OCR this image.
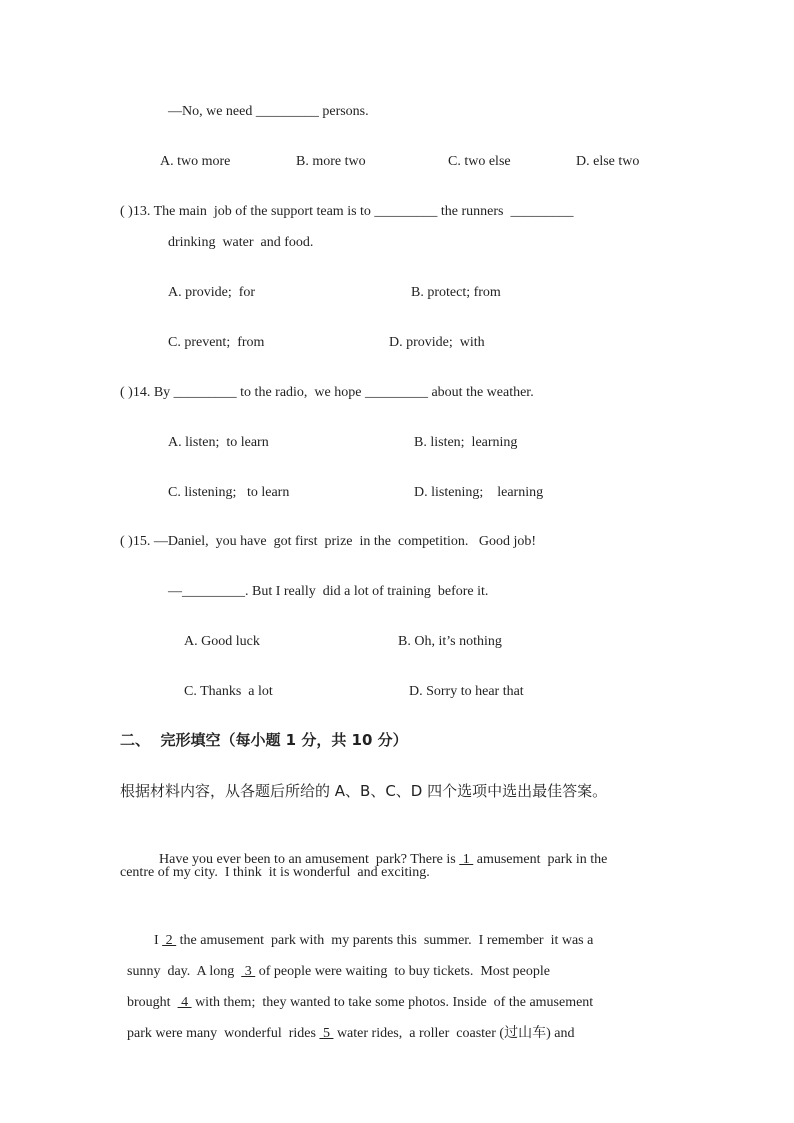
—No, we need _________ persons.
A. two more	B. more two	C. two else	D. else two
( )13. The main  job of the support team is to _________ the runners  _________
drinking  water  and food.
A. provide;  for	B. protect; from
C. prevent;  from	D. provide;  with
( )14. By _________ to the radio,  we hope _________ about the weather.
A. listen;  to learn	B. listen;  learning
C. listening;   to learn	D. listening;    learning
( )15. —Daniel,  you have  got first  prize  in the  competition.   Good job!
—_________. But I really  did a lot of training  before it.
A. Good luck	B. Oh, it’s nothing
C. Thanks  a lot	D. Sorry to hear that
二、  完形填空（每小题 1 分，共 10 分）
根据材料内容，从各题后所给的 A、B、C、D 四个选项中选出最佳答案。

Have you ever been to an amusement  park? There is  1  amusement  park in the

centre of my city.  I think  it is wonderful  and exciting.

I  2  the amusement  park with  my parents this  summer.  I remember  it was a

sunny  day.  A long   3  of people were waiting  to buy tickets.  Most people

brought   4  with them;  they wanted to take some photos. Inside  of the amusement

park were many  wonderful  rides  5  water rides,  a roller  coaster (过山车) and
